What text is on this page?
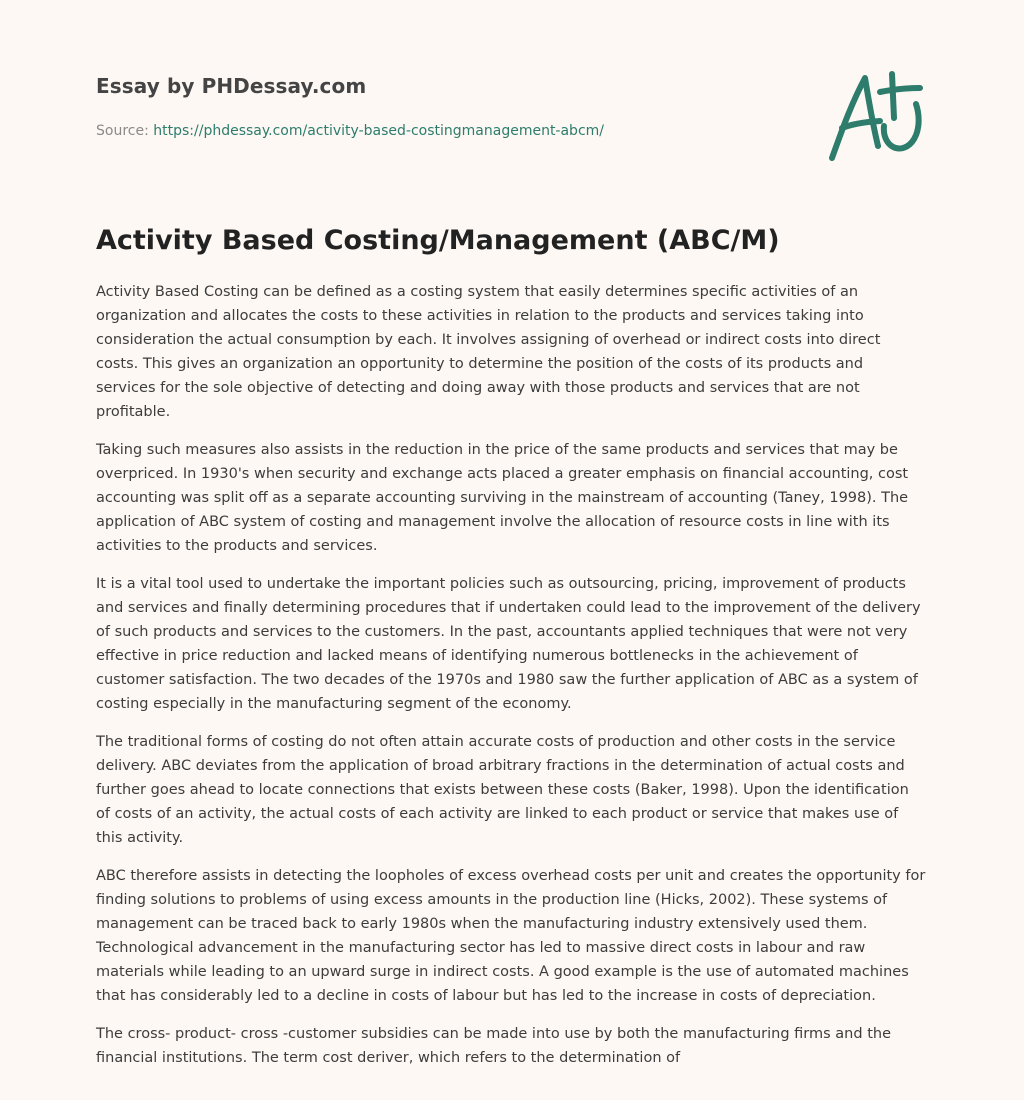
Essay by PHDessay.com
Source: https://phdessay.com/activity-based-costingmanagement-abcm/
Activity Based Costing/Management (ABC/M)

Activity Based Costing can be defined as a costing system that easily determines specific activities of an organization and allocates the costs to these activities in relation to the products and services taking into consideration the actual consumption by each. It involves assigning of overhead or indirect costs into direct costs. This gives an organization an opportunity to determine the position of the costs of its products and services for the sole objective of detecting and doing away with those products and services that are not profitable.

Taking such measures also assists in the reduction in the price of the same products and services that may be overpriced. In 1930's when security and exchange acts placed a greater emphasis on financial accounting, cost accounting was split off as a separate accounting surviving in the mainstream of accounting (Taney, 1998). The application of ABC system of costing and management involve the allocation of resource costs in line with its activities to the products and services.

It is a vital tool used to undertake the important policies such as outsourcing, pricing, improvement of products and services and finally determining procedures that if undertaken could lead to the improvement of the delivery of such products and services to the customers. In the past, accountants applied techniques that were not very effective in price reduction and lacked means of identifying numerous bottlenecks in the achievement of customer satisfaction. The two decades of the 1970s and 1980 saw the further application of ABC as a system of costing especially in the manufacturing segment of the economy.

The traditional forms of costing do not often attain accurate costs of production and other costs in the service delivery. ABC deviates from the application of broad arbitrary fractions in the determination of actual costs and further goes ahead to locate connections that exists between these costs (Baker, 1998). Upon the identification of costs of an activity, the actual costs of each activity are linked to each product or service that makes use of this activity.

ABC therefore assists in detecting the loopholes of excess overhead costs per unit and creates the opportunity for finding solutions to problems of using excess amounts in the production line (Hicks, 2002). These systems of management can be traced back to early 1980s when the manufacturing industry extensively used them. Technological advancement in the manufacturing sector has led to massive direct costs in labour and raw materials while leading to an upward surge in indirect costs. A good example is the use of automated machines that has considerably led to a decline in costs of labour but has led to the increase in costs of depreciation.

The cross- product- cross -customer subsidies can be made into use by both the manufacturing firms and the financial institutions. The term cost deriver, which refers to the determination of
